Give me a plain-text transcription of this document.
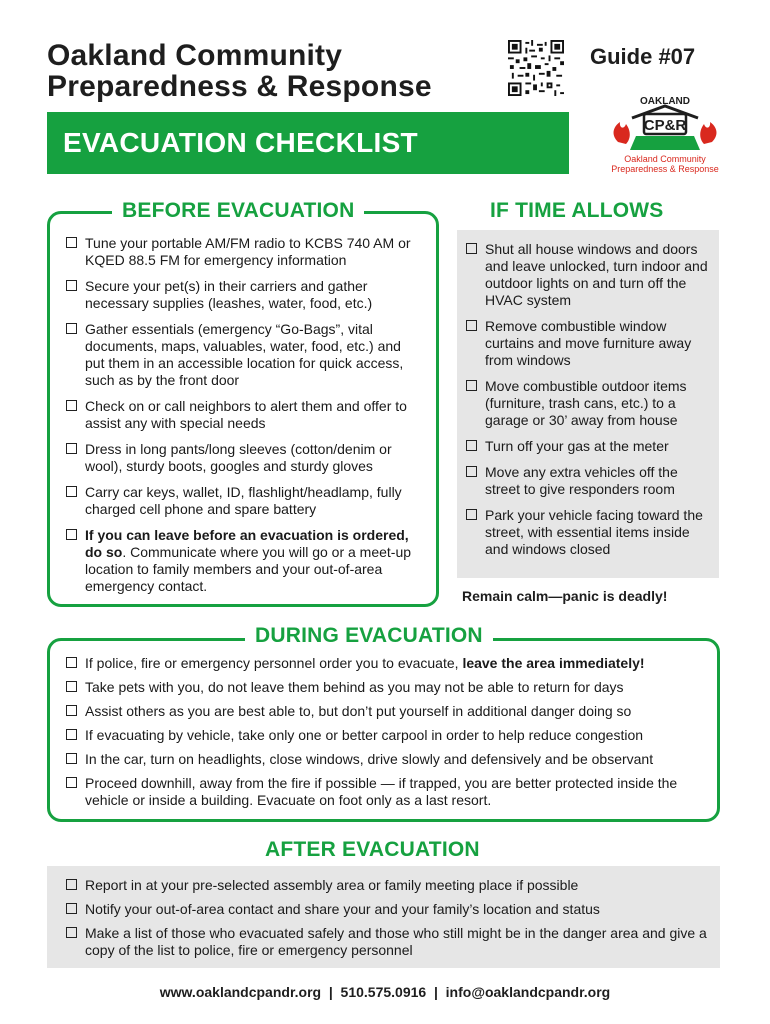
Oakland Community
Preparedness & Response
Guide #07
OAKLAND
CP&R
Oakland Community
Preparedness & Response
EVACUATION CHECKLIST
BEFORE EVACUATION
Tune your portable AM/FM radio to KCBS 740 AM or KQED 88.5 FM for emergency information
Secure your pet(s) in their carriers and gather necessary supplies (leashes, water, food, etc.)
Gather essentials (emergency “Go-Bags”, vital documents, maps, valuables, water, food, etc.) and put them in an accessible location for quick access, such as by the front door
Check on or call neighbors to alert them and offer to assist any with special needs
Dress in long pants/long sleeves (cotton/denim or wool), sturdy boots, googles and sturdy gloves
Carry car keys, wallet, ID, flashlight/headlamp, fully charged cell phone and spare battery
If you can leave before an evacuation is ordered, do so. Communicate where you will go or a meet-up location to family members and your out-of-area emergency contact.
IF TIME ALLOWS
Shut all house windows and doors and leave unlocked, turn indoor and outdoor lights on and turn off the HVAC system
Remove combustible window curtains and move furniture away from windows
Move combustible outdoor items (furniture, trash cans, etc.) to a garage or 30’ away from house
Turn off your gas at the meter
Move any extra vehicles off the street to give responders room
Park your vehicle facing toward the street, with essential items inside and windows closed
Remain calm—panic is deadly!
DURING EVACUATION
If police, fire or emergency personnel order you to evacuate, leave the area immediately!
Take pets with you, do not leave them behind as you may not be able to return for days
Assist others as you are best able to, but don’t put yourself in additional danger doing so
If evacuating by vehicle, take only one or better carpool in order to help reduce congestion
In the car, turn on headlights, close windows, drive slowly and defensively and be observant
Proceed downhill, away from the fire if possible — if trapped, you are better protected inside the vehicle or inside a building. Evacuate on foot only as a last resort.
AFTER EVACUATION
Report in at your pre-selected assembly area or family meeting place if possible
Notify your out-of-area contact and share your and your family’s location and status
Make a list of those who evacuated safely and those who still might be in the danger area and give a copy of the list to police, fire or emergency personnel
www.oaklandcpandr.org  |  510.575.0916  |  info@oaklandcpandr.org
